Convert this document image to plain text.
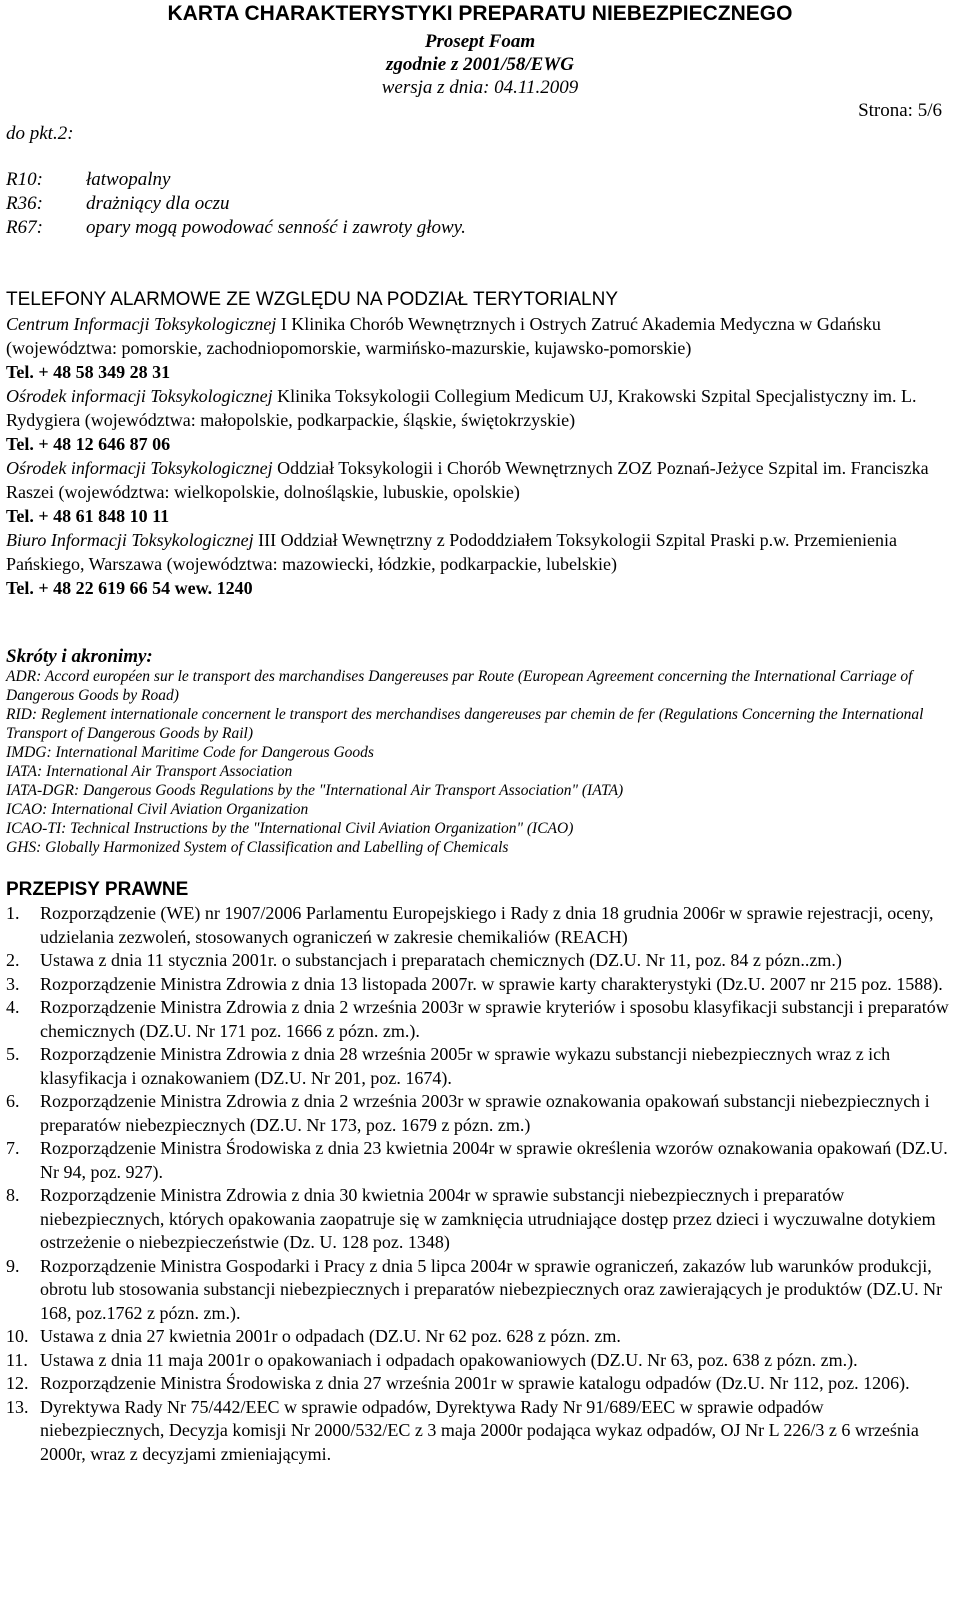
KARTA CHARAKTERYSTYKI PREPARATU NIEBEZPIECZNEGO
Prosept Foam
zgodnie z 2001/58/EWG
wersja z dnia: 04.11.2009
Strona: 5/6
do pkt.2:
R10: łatwopalny
R36: drażniący dla oczu
R67: opary mogą powodować senność i zawroty głowy.
TELEFONY ALARMOWE ZE WZGLĘDU NA PODZIAŁ TERYTORIALNY

Centrum Informacji Toksykologicznej I Klinika Chorób Wewnętrznych i Ostrych Zatruć Akademia Medyczna w Gdańsku (województwa: pomorskie, zachodniopomorskie, warmińsko-mazurskie, kujawsko-pomorskie)

Tel. + 48 58 349 28 31

Ośrodek informacji Toksykologicznej Klinika Toksykologii Collegium Medicum UJ, Krakowski Szpital Specjalistyczny im. L. Rydygiera (województwa: małopolskie, podkarpackie, śląskie, świętokrzyskie)

Tel. + 48 12 646 87 06

Ośrodek informacji Toksykologicznej Oddział Toksykologii i Chorób Wewnętrznych ZOZ Poznań-Jeżyce Szpital im. Franciszka Raszei (województwa: wielkopolskie, dolnośląskie, lubuskie, opolskie)

Tel. + 48 61 848 10 11

Biuro Informacji Toksykologicznej III Oddział Wewnętrzny z Pododdziałem Toksykologii Szpital Praski p.w. Przemienienia Pańskiego, Warszawa (województwa: mazowiecki, łódzkie, podkarpackie, lubelskie)

Tel. + 48 22 619 66 54 wew. 1240

Skróty i akronimy:
ADR: Accord européen sur le transport des marchandises Dangereuses par Route (European Agreement concerning the International Carriage of Dangerous Goods by Road)
RID: Reglement internationale concernent le transport des merchandises dangereuses par chemin de fer (Regulations Concerning the International Transport of Dangerous Goods by Rail)
IMDG: International Maritime Code for Dangerous Goods
IATA: International Air Transport Association
IATA-DGR: Dangerous Goods Regulations by the "International Air Transport Association" (IATA)
ICAO: International Civil Aviation Organization
ICAO-TI: Technical Instructions by the "International Civil Aviation Organization" (ICAO)
GHS: Globally Harmonized System of Classification and Labelling of Chemicals
PRZEPISY PRAWNE
1. Rozporządzenie (WE) nr 1907/2006 Parlamentu Europejskiego i Rady z dnia 18 grudnia 2006r w sprawie rejestracji, oceny, udzielania zezwoleń, stosowanych ograniczeń w zakresie chemikaliów (REACH)
2. Ustawa z dnia 11 stycznia 2001r. o substancjach i preparatach chemicznych (DZ.U. Nr 11, poz. 84 z pózn..zm.)
3. Rozporządzenie Ministra Zdrowia z dnia 13 listopada 2007r. w sprawie karty charakterystyki (Dz.U. 2007 nr 215 poz. 1588).
4. Rozporządzenie Ministra Zdrowia z dnia 2 września 2003r w sprawie kryteriów i sposobu klasyfikacji substancji i preparatów chemicznych (DZ.U. Nr 171 poz. 1666 z pózn. zm.).
5. Rozporządzenie Ministra Zdrowia z dnia 28 września 2005r w sprawie wykazu substancji niebezpiecznych wraz z ich klasyfikacja i oznakowaniem (DZ.U. Nr 201, poz. 1674).
6. Rozporządzenie Ministra Zdrowia z dnia 2 września 2003r w sprawie oznakowania opakowań substancji niebezpiecznych i preparatów niebezpiecznych (DZ.U. Nr 173, poz. 1679 z pózn. zm.)
7. Rozporządzenie Ministra Środowiska z dnia 23 kwietnia 2004r w sprawie określenia wzorów oznakowania opakowań (DZ.U. Nr 94, poz. 927).
8. Rozporządzenie Ministra Zdrowia z dnia 30 kwietnia 2004r w sprawie substancji niebezpiecznych i preparatów niebezpiecznych, których opakowania zaopatruje się w zamknięcia utrudniające dostęp przez dzieci i wyczuwalne dotykiem ostrzeżenie o niebezpieczeństwie (Dz. U. 128 poz. 1348)
9. Rozporządzenie Ministra Gospodarki i Pracy z dnia 5 lipca 2004r w sprawie ograniczeń, zakazów lub warunków produkcji, obrotu lub stosowania substancji niebezpiecznych i preparatów niebezpiecznych oraz zawierających je produktów (DZ.U. Nr 168, poz.1762 z pózn. zm.).
10. Ustawa z dnia 27 kwietnia 2001r o odpadach (DZ.U. Nr 62 poz. 628 z pózn. zm.
11. Ustawa z dnia 11 maja 2001r o opakowaniach i odpadach opakowaniowych (DZ.U. Nr 63, poz. 638 z pózn. zm.).
12. Rozporządzenie Ministra Środowiska z dnia 27 września 2001r w sprawie katalogu odpadów (Dz.U. Nr 112, poz. 1206).
13. Dyrektywa Rady Nr 75/442/EEC w sprawie odpadów, Dyrektywa Rady Nr 91/689/EEC w sprawie odpadów niebezpiecznych, Decyzja komisji Nr 2000/532/EC z 3 maja 2000r podająca wykaz odpadów, OJ Nr L 226/3 z 6 września 2000r, wraz z decyzjami zmieniającymi.
